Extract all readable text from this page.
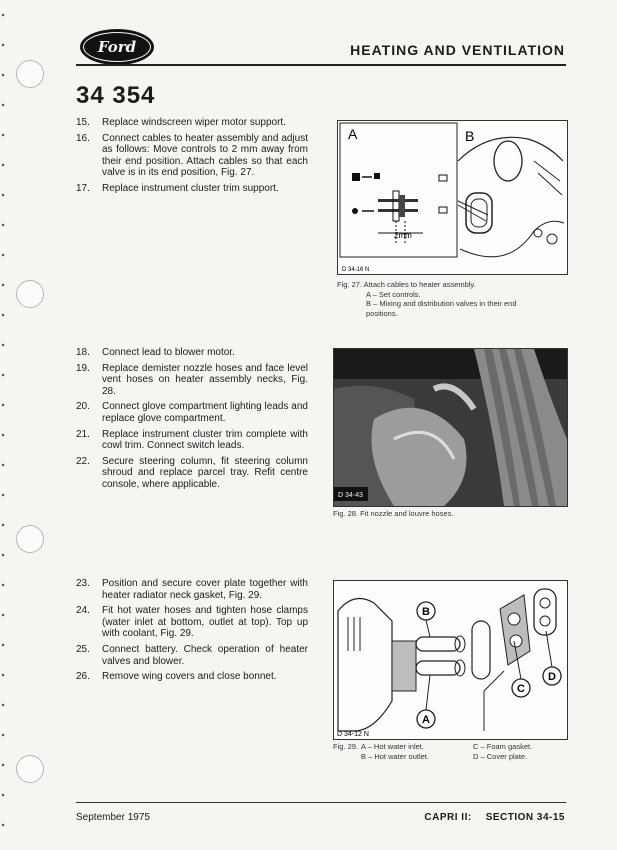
Ford	HEATING AND VENTILATION
34 354
15.	Replace windscreen wiper motor support.
16.	Connect cables to heater assembly and adjust as follows: Move controls to 2 mm away from their end position. Attach cables so that each valve is in its end position, Fig. 27.
17.	Replace instrument cluster trim support.
A	B
2mm
D 34-16 N
Fig. 27. Attach cables to heater assembly.
A – Set controls.
B – Mixing and distribution valves in their end positions.
18.	Connect lead to blower motor.
19.	Replace demister nozzle hoses and face level vent hoses on heater assembly necks, Fig. 28.
20.	Connect glove compartment lighting leads and replace glove compartment.
21.	Replace instrument cluster trim complete with cowl trim. Connect switch leads.
22.	Secure steering column, fit steering column shroud and replace parcel tray. Refit centre console, where applicable.
D 34-43
Fig. 28. Fit nozzle and louvre hoses.
23.	Position and secure cover plate together with heater radiator neck gasket, Fig. 29.
24.	Fit hot water hoses and tighten hose clamps (water inlet at bottom, outlet at top). Top up with coolant, Fig. 29.
25.	Connect battery. Check operation of heater valves and blower.
26.	Remove wing covers and close bonnet.
B
A
C
D
D 34-12 N
Fig. 29. A – Hot water inlet.
B – Hot water outlet.
C – Foam gasket.
D – Cover plate.
September 1975	CAPRI II: SECTION 34-15
